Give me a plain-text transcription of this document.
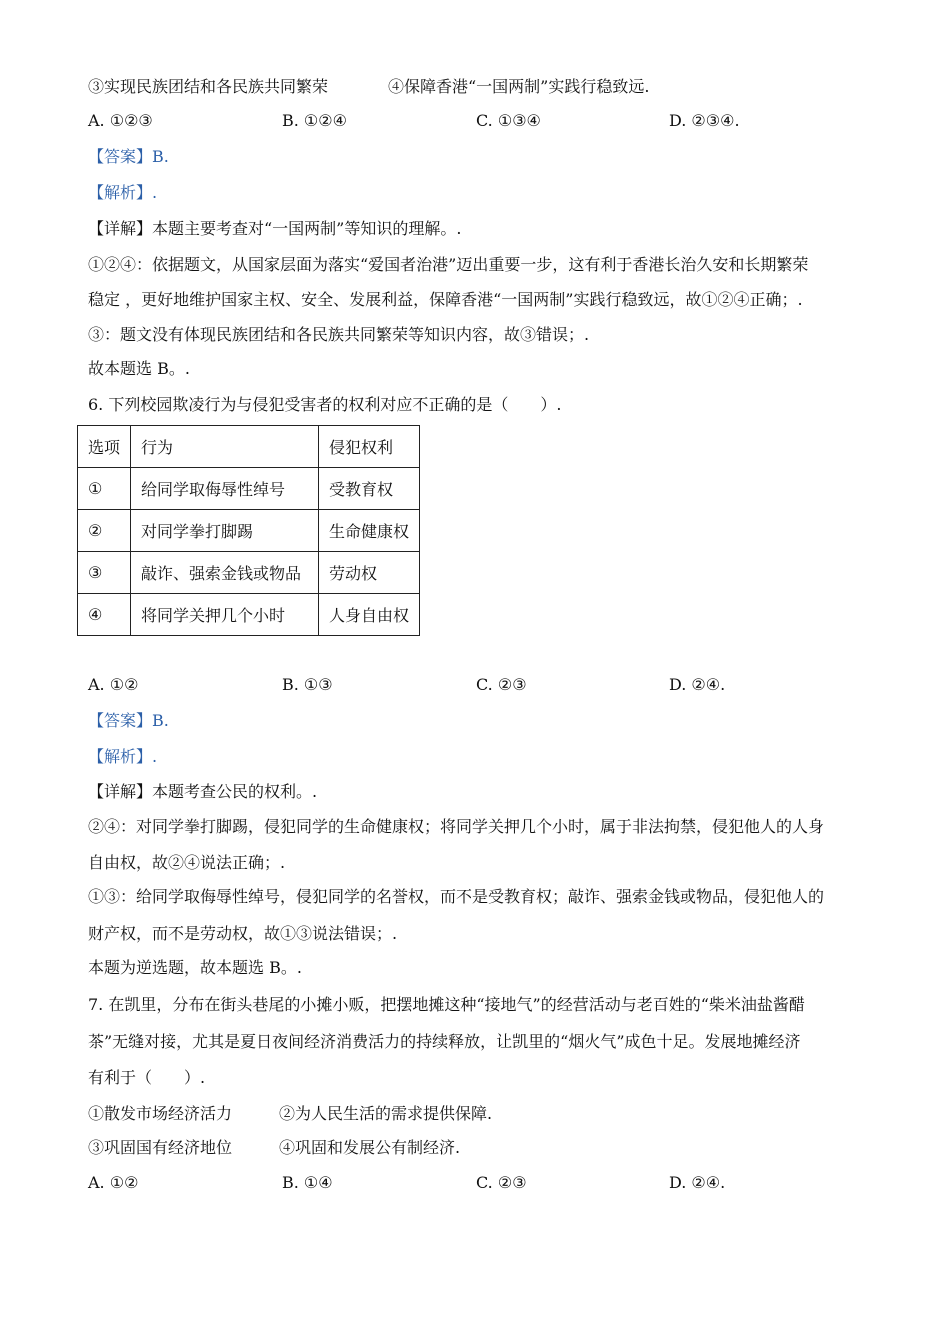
③实现民族团结和各民族共同繁荣	④保障香港“一国两制”实践行稳致远.
A. ①②③	B. ①②④	C. ①③④	D. ②③④.
【答案】B.
【解析】.
【详解】本题主要考查对“一国两制”等知识的理解。.
①②④：依据题文，从国家层面为落实“爱国者治港”迈出重要一步，这有利于香港长治久安和长期繁荣
稳定 ，更好地维护国家主权、安全、发展利益，保障香港“一国两制”实践行稳致远，故①②④正确；.
③：题文没有体现民族团结和各民族共同繁荣等知识内容，故③错误；.
故本题选 B。.
6. 下列校园欺凌行为与侵犯受害者的权利对应不正确的是（　　）.
选项	行为	侵犯权利
①	给同学取侮辱性绰号	受教育权
②	对同学拳打脚踢	生命健康权
③	敲诈、强索金钱或物品	劳动权
④	将同学关押几个小时	人身自由权
A. ①②	B. ①③	C. ②③	D. ②④.
【答案】B.
【解析】.
【详解】本题考查公民的权利。.
②④：对同学拳打脚踢，侵犯同学的生命健康权；将同学关押几个小时，属于非法拘禁，侵犯他人的人身
自由权，故②④说法正确；.
①③：给同学取侮辱性绰号，侵犯同学的名誉权，而不是受教育权；敲诈、强索金钱或物品，侵犯他人的
财产权，而不是劳动权，故①③说法错误；.
本题为逆选题，故本题选 B。.
7. 在凯里，分布在街头巷尾的小摊小贩，把摆地摊这种“接地气”的经营活动与老百姓的“柴米油盐酱醋
茶”无缝对接，尤其是夏日夜间经济消费活力的持续释放，让凯里的“烟火气”成色十足。发展地摊经济
有利于（　　）.
①散发市场经济活力	②为人民生活的需求提供保障.
③巩固国有经济地位	④巩固和发展公有制经济.
A. ①②	B. ①④	C. ②③	D. ②④.
